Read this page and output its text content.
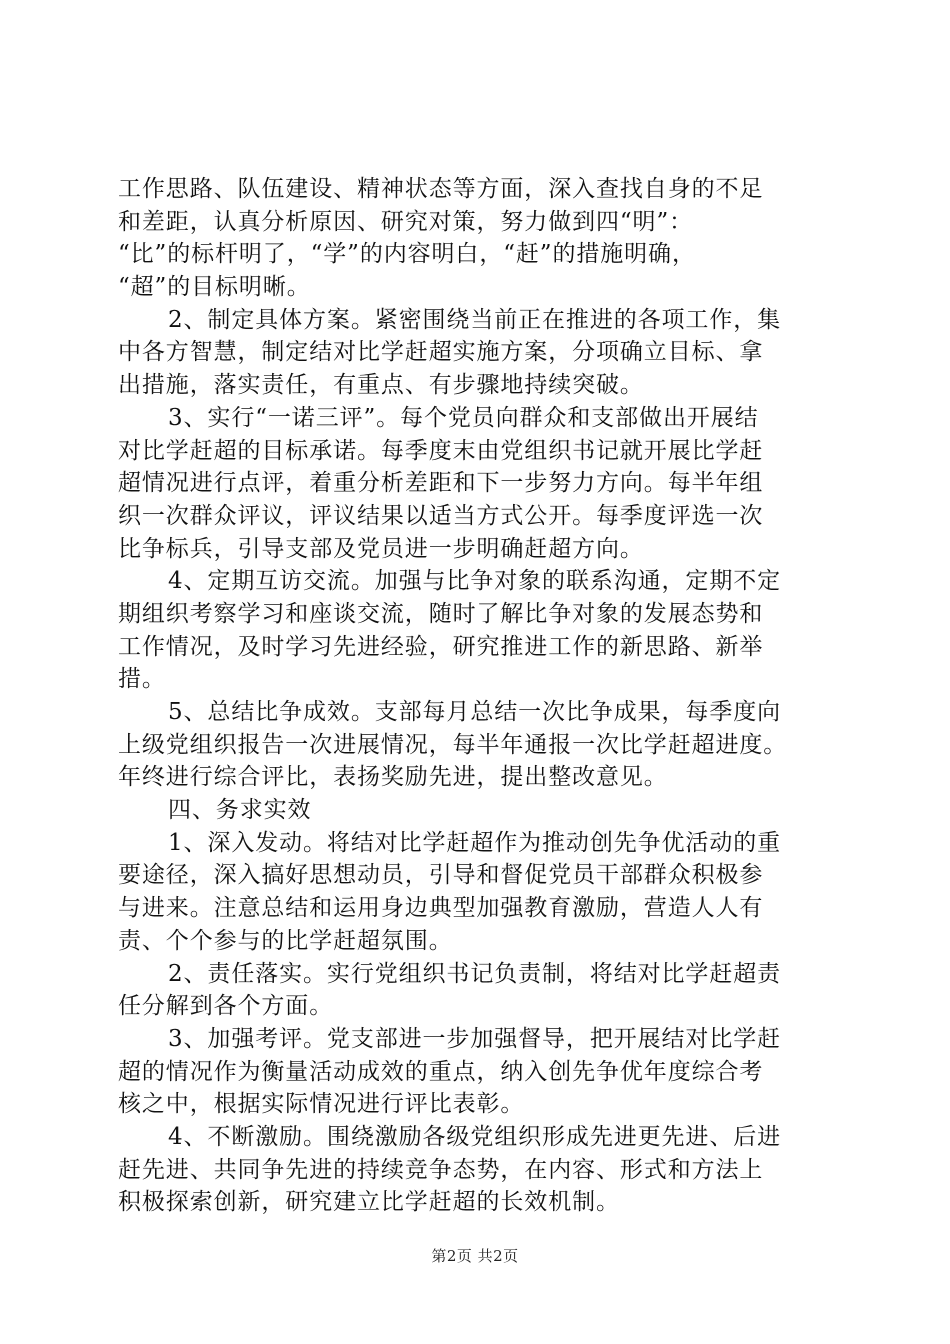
工作思路、队伍建设、精神状态等方面，深入查找自身的不足
和差距，认真分析原因、研究对策，努力做到四“明”：
“比”的标杆明了，“学”的内容明白，“赶”的措施明确，
“超”的目标明晰。
2、制定具体方案。紧密围绕当前正在推进的各项工作，集
中各方智慧，制定结对比学赶超实施方案，分项确立目标、拿
出措施，落实责任，有重点、有步骤地持续突破。
3、实行“一诺三评”。每个党员向群众和支部做出开展结
对比学赶超的目标承诺。每季度末由党组织书记就开展比学赶
超情况进行点评，着重分析差距和下一步努力方向。每半年组
织一次群众评议，评议结果以适当方式公开。每季度评选一次
比争标兵，引导支部及党员进一步明确赶超方向。
4、定期互访交流。加强与比争对象的联系沟通，定期不定
期组织考察学习和座谈交流，随时了解比争对象的发展态势和
工作情况，及时学习先进经验，研究推进工作的新思路、新举
措。
5、总结比争成效。支部每月总结一次比争成果，每季度向
上级党组织报告一次进展情况，每半年通报一次比学赶超进度。
年终进行综合评比，表扬奖励先进，提出整改意见。
四、务求实效
1、深入发动。将结对比学赶超作为推动创先争优活动的重
要途径，深入搞好思想动员，引导和督促党员干部群众积极参
与进来。注意总结和运用身边典型加强教育激励，营造人人有
责、个个参与的比学赶超氛围。
2、责任落实。实行党组织书记负责制，将结对比学赶超责
任分解到各个方面。
3、加强考评。党支部进一步加强督导，把开展结对比学赶
超的情况作为衡量活动成效的重点，纳入创先争优年度综合考
核之中，根据实际情况进行评比表彰。
4、不断激励。围绕激励各级党组织形成先进更先进、后进
赶先进、共同争先进的持续竞争态势，在内容、形式和方法上
积极探索创新，研究建立比学赶超的长效机制。
第2页 共2页
